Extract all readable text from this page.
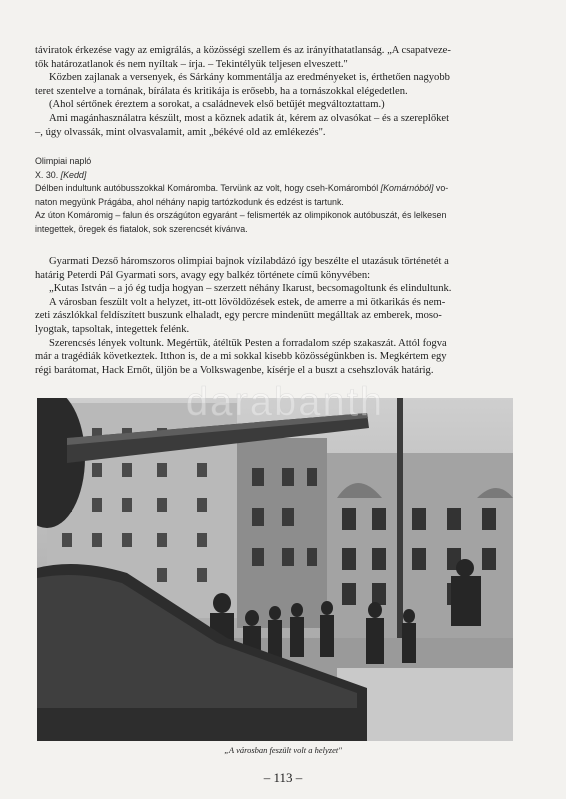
táviratok érkezése vagy az emigrálás, a közösségi szellem és az irányíthatatlanság. „A csapatveze-

tők határozatlanok és nem nyíltak – írja. – Tekintélyük teljesen elveszett."

Közben zajlanak a versenyek, és Sárkány kommentálja az eredményeket is, érthetően nagyobb

teret szentelve a tornának, bírálata és kritikája is erősebb, ha a tornászokkal elégedetlen.

(Ahol sértőnek éreztem a sorokat, a családnevek első betűjét megváltoztattam.)

Ami magánhasználatra készült, most a köznek adatik át, kérem az olvasókat – és a szereplőket

–, úgy olvassák, mint olvasvalamit, amit „békévé old az emlékezés".

Olimpiai napló

X. 30. [Kedd]

Délben indultunk autóbusszokkal Komáromba. Tervünk az volt, hogy cseh-Komáromból [Komárnóból] vo-

naton megyünk Prágába, ahol néhány napig tartózkodunk és edzést is tartunk.

Az úton Komáromig – falun és országúton egyaránt – felismerték az olimpikonok autóbuszát, és lelkesen

integettek, öregek és fiatalok, sok szerencsét kívánva.

Gyarmati Dezső háromszoros olimpiai bajnok vízilabdázó így beszélte el utazásuk történetét a

határig Peterdi Pál Gyarmati sors, avagy egy balkéz története című könyvében:

„Kutas István – a jó ég tudja hogyan – szerzett néhány Ikarust, becsomagoltunk és elindultunk.

A városban feszült volt a helyzet, itt-ott lövöldözések estek, de amerre a mi ötkarikás és nem-

zeti zászlókkal feldíszített buszunk elhaladt, egy percre mindenütt megálltak az emberek, moso-

lyogtak, tapsoltak, integettek felénk.

Szerencsés lények voltunk. Megértük, átéltük Pesten a forradalom szép szakaszát. Attól fogva

már a tragédiák következtek. Itthon is, de a mi sokkal kisebb közösségünkben is. Megkértem egy

régi barátomat, Hack Ernőt, üljön be a Volkswagenbe, kísérje el a buszt a csehszlovák határig.

darabanth
„A városban feszült volt a helyzet"
– 113 –
